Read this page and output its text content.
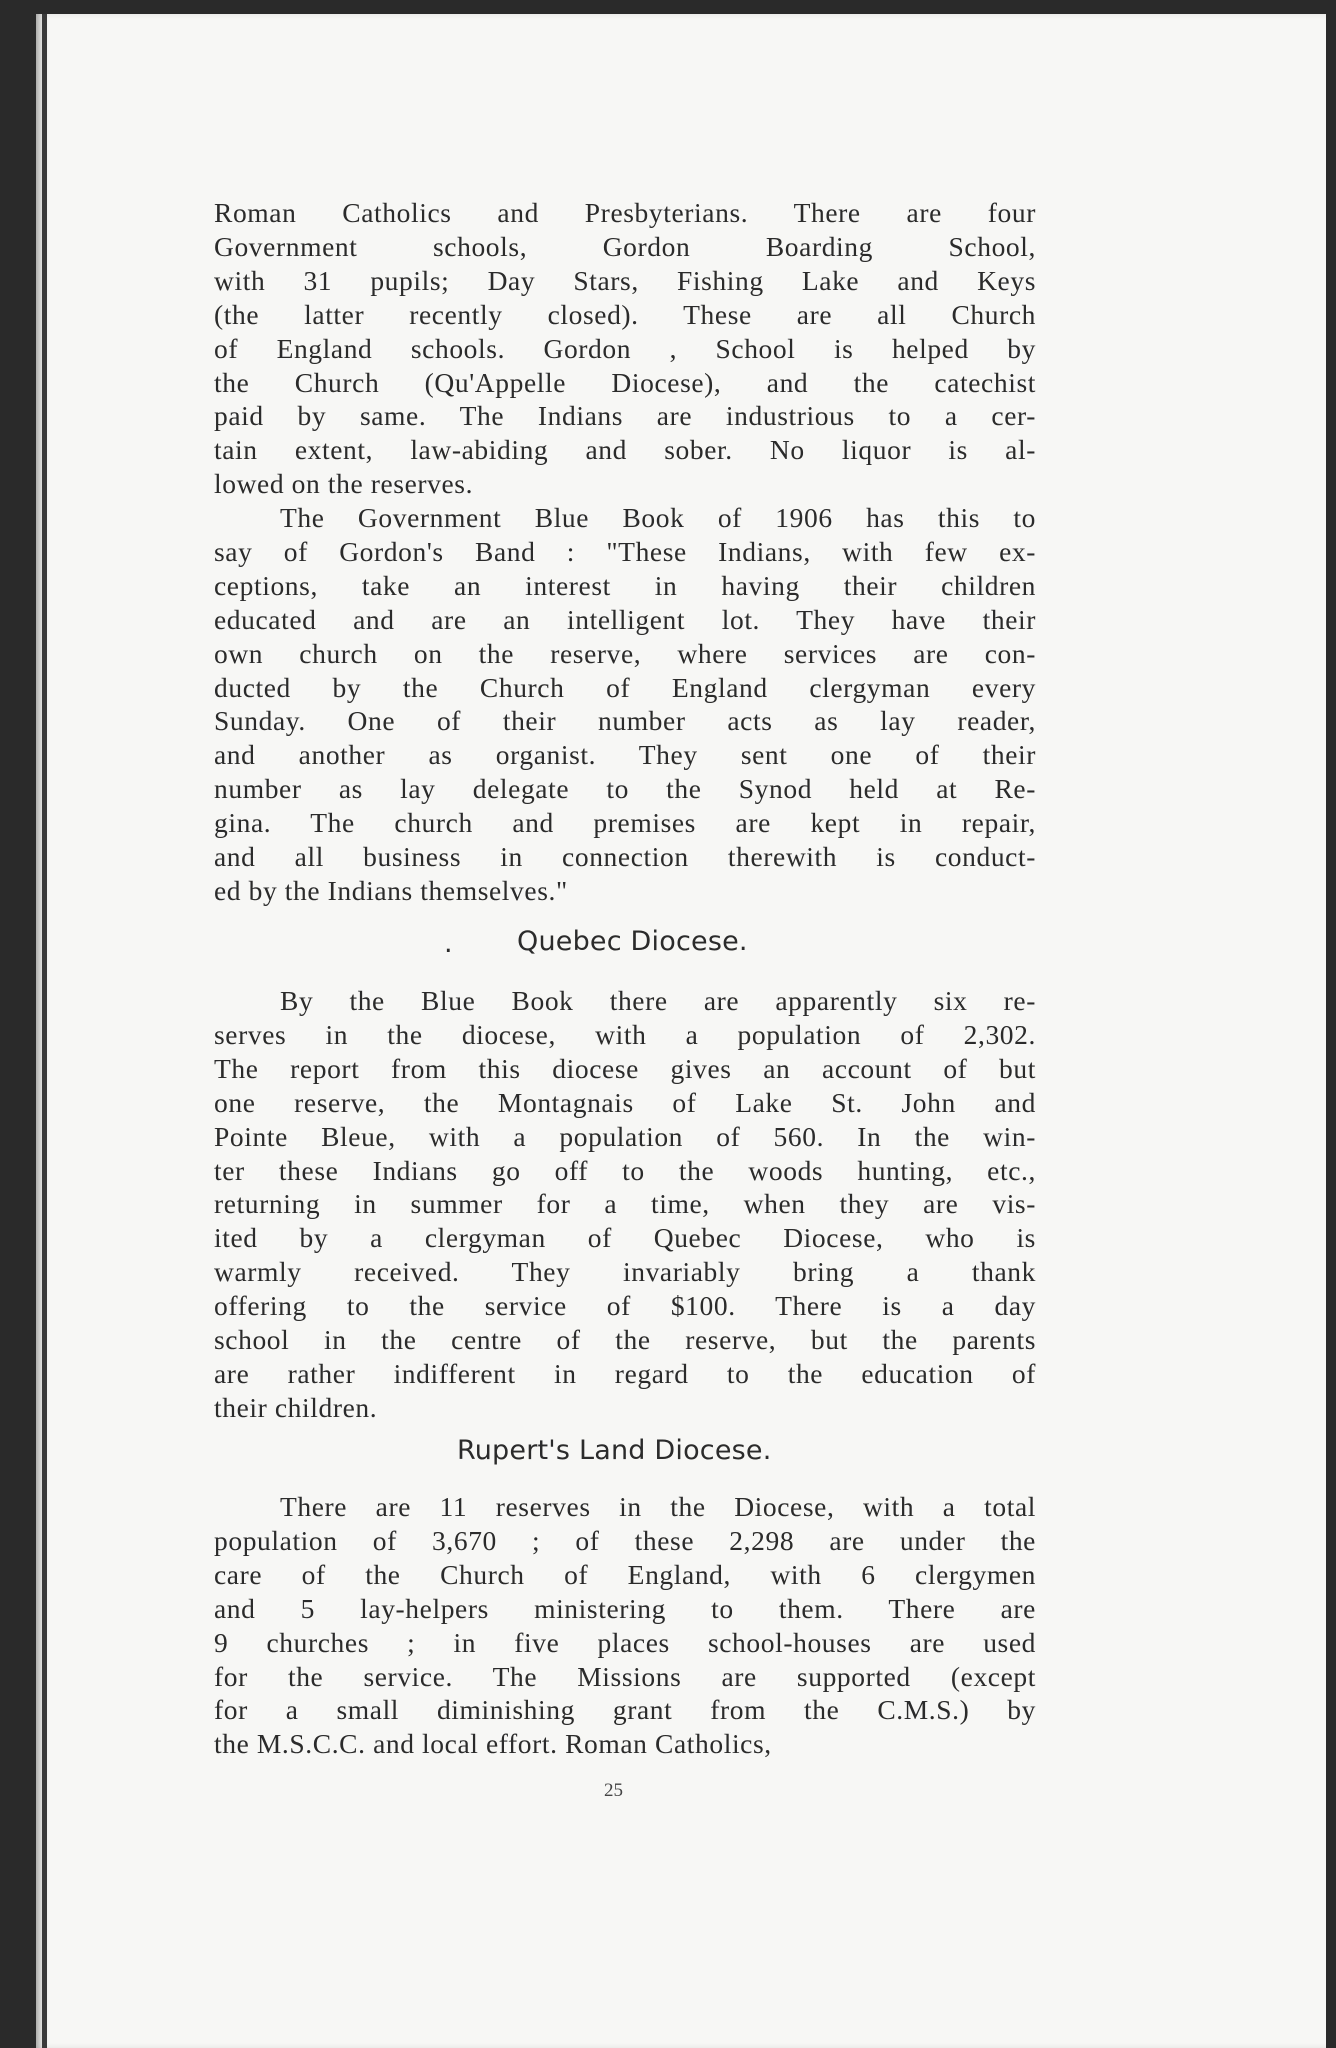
Roman Catholics and Presbyterians. There are four
Government schools, Gordon Boarding School,
with 31 pupils; Day Stars, Fishing Lake and Keys
(the latter recently closed). These are all Church
of England schools. Gordon , School is helped by
the Church (Qu'Appelle Diocese), and the catechist
paid by same. The Indians are industrious to a cer-
tain extent, law-abiding and sober. No liquor is al-
lowed on the reserves.
The Government Blue Book of 1906 has this to
say of Gordon's Band : "These Indians, with few ex-
ceptions, take an interest in having their children
educated and are an intelligent lot. They have their
own church on the reserve, where services are con-
ducted by the Church of England clergyman every
Sunday. One of their number acts as lay reader,
and another as organist. They sent one of their
number as lay delegate to the Synod held at Re-
gina. The church and premises are kept in repair,
and all business in connection therewith is conduct-
ed by the Indians themselves."
. Quebec Diocese.
By the Blue Book there are apparently six re-
serves in the diocese, with a population of 2,302.
The report from this diocese gives an account of but
one reserve, the Montagnais of Lake St. John and
Pointe Bleue, with a population of 560. In the win-
ter these Indians go off to the woods hunting, etc.,
returning in summer for a time, when they are vis-
ited by a clergyman of Quebec Diocese, who is
warmly received. They invariably bring a thank
offering to the service of $100. There is a day
school in the centre of the reserve, but the parents
are rather indifferent in regard to the education of
their children.
Rupert's Land Diocese.
There are 11 reserves in the Diocese, with a total
population of 3,670 ; of these 2,298 are under the
care of the Church of England, with 6 clergymen
and 5 lay-helpers ministering to them. There are
9 churches ; in five places school-houses are used
for the service. The Missions are supported (except
for a small diminishing grant from the C.M.S.) by
the M.S.C.C. and local effort. Roman Catholics,
25
